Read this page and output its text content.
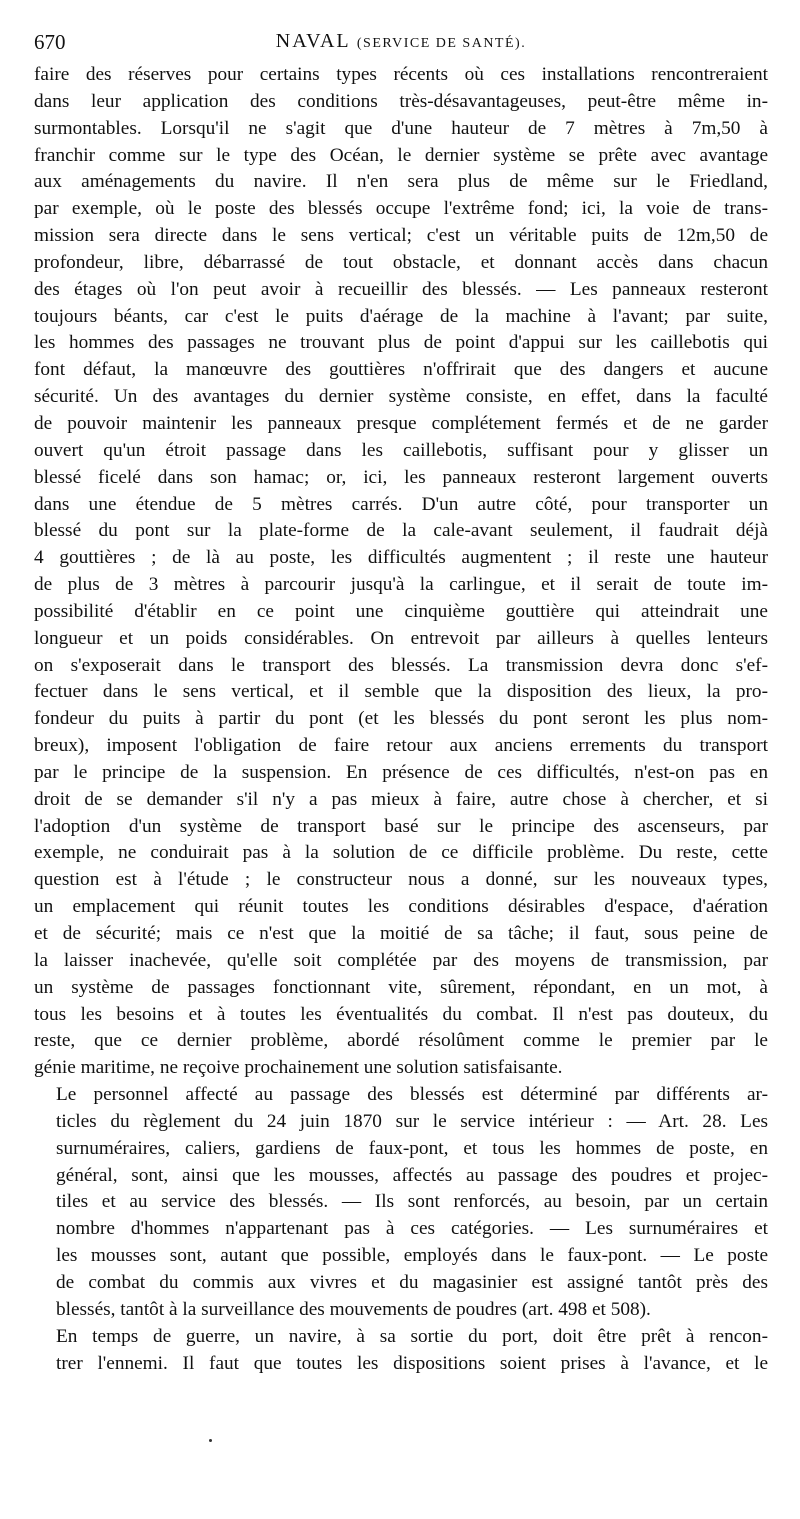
670	NAVAL (SERVICE DE SANTÉ).
faire des réserves pour certains types récents où ces installations rencontreraient
dans leur application des conditions très-désavantageuses, peut-être même in-
surmontables. Lorsqu'il ne s'agit que d'une hauteur de 7 mètres à 7m,50 à
franchir comme sur le type des Océan, le dernier système se prête avec avantage
aux aménagements du navire. Il n'en sera plus de même sur le Friedland,
par exemple, où le poste des blessés occupe l'extrême fond; ici, la voie de trans-
mission sera directe dans le sens vertical; c'est un véritable puits de 12m,50 de
profondeur, libre, débarrassé de tout obstacle, et donnant accès dans chacun
des étages où l'on peut avoir à recueillir des blessés. — Les panneaux resteront
toujours béants, car c'est le puits d'aérage de la machine à l'avant; par suite,
les hommes des passages ne trouvant plus de point d'appui sur les caillebotis qui
font défaut, la manœuvre des gouttières n'offrirait que des dangers et aucune
sécurité. Un des avantages du dernier système consiste, en effet, dans la faculté
de pouvoir maintenir les panneaux presque complétement fermés et de ne garder
ouvert qu'un étroit passage dans les caillebotis, suffisant pour y glisser un
blessé ficelé dans son hamac; or, ici, les panneaux resteront largement ouverts
dans une étendue de 5 mètres carrés. D'un autre côté, pour transporter un
blessé du pont sur la plate-forme de la cale-avant seulement, il faudrait déjà
4 gouttières ; de là au poste, les difficultés augmentent ; il reste une hauteur
de plus de 3 mètres à parcourir jusqu'à la carlingue, et il serait de toute im-
possibilité d'établir en ce point une cinquième gouttière qui atteindrait une
longueur et un poids considérables. On entrevoit par ailleurs à quelles lenteurs
on s'exposerait dans le transport des blessés. La transmission devra donc s'ef-
fectuer dans le sens vertical, et il semble que la disposition des lieux, la pro-
fondeur du puits à partir du pont (et les blessés du pont seront les plus nom-
breux), imposent l'obligation de faire retour aux anciens errements du transport
par le principe de la suspension. En présence de ces difficultés, n'est-on pas en
droit de se demander s'il n'y a pas mieux à faire, autre chose à chercher, et si
l'adoption d'un système de transport basé sur le principe des ascenseurs, par
exemple, ne conduirait pas à la solution de ce difficile problème. Du reste, cette
question est à l'étude ; le constructeur nous a donné, sur les nouveaux types,
un emplacement qui réunit toutes les conditions désirables d'espace, d'aération
et de sécurité; mais ce n'est que la moitié de sa tâche; il faut, sous peine de
la laisser inachevée, qu'elle soit complétée par des moyens de transmission, par
un système de passages fonctionnant vite, sûrement, répondant, en un mot, à
tous les besoins et à toutes les éventualités du combat. Il n'est pas douteux, du
reste, que ce dernier problème, abordé résolûment comme le premier par le
génie maritime, ne reçoive prochainement une solution satisfaisante.
Le personnel affecté au passage des blessés est déterminé par différents ar-
ticles du règlement du 24 juin 1870 sur le service intérieur : — Art. 28. Les
surnuméraires, caliers, gardiens de faux-pont, et tous les hommes de poste, en
général, sont, ainsi que les mousses, affectés au passage des poudres et projec-
tiles et au service des blessés. — Ils sont renforcés, au besoin, par un certain
nombre d'hommes n'appartenant pas à ces catégories. — Les surnuméraires et
les mousses sont, autant que possible, employés dans le faux-pont. — Le poste
de combat du commis aux vivres et du magasinier est assigné tantôt près des
blessés, tantôt à la surveillance des mouvements de poudres (art. 498 et 508).
En temps de guerre, un navire, à sa sortie du port, doit être prêt à rencon-
trer l'ennemi. Il faut que toutes les dispositions soient prises à l'avance, et le
